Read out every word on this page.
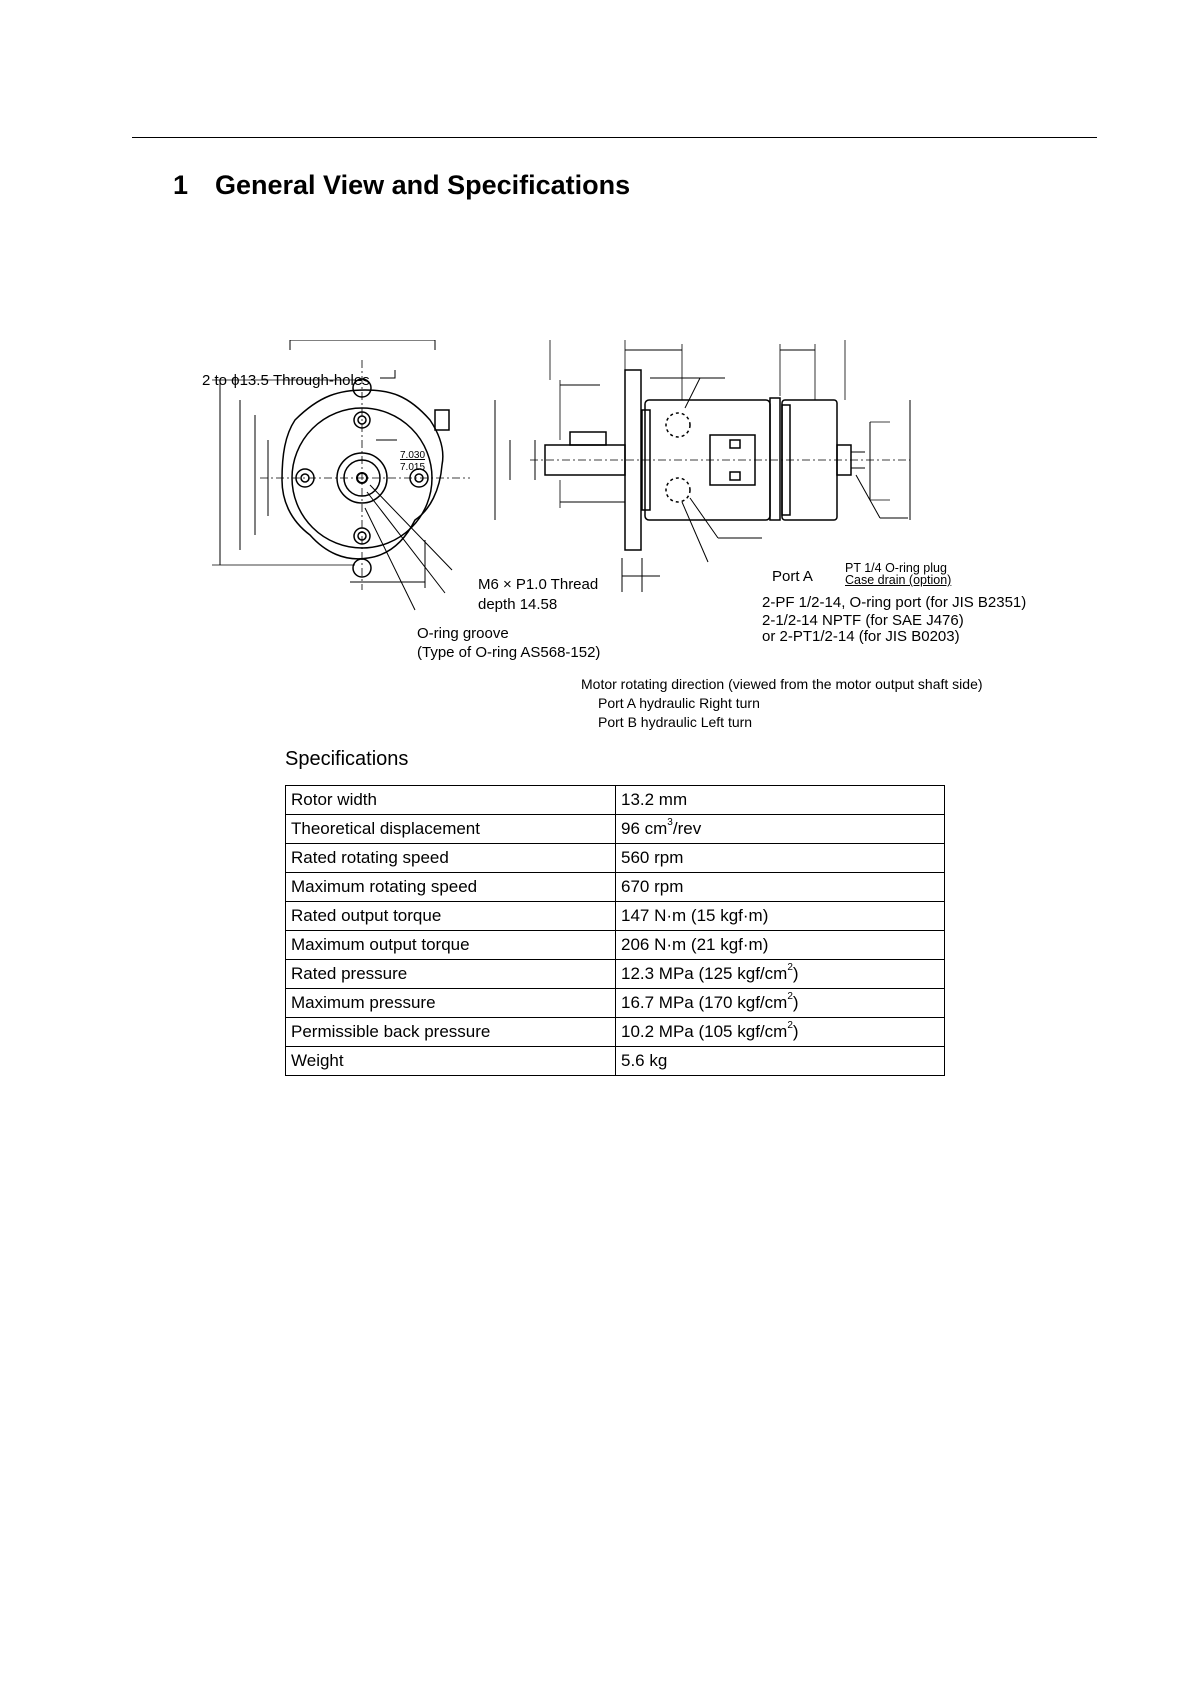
1 General View and Specifications
2 to ϕ13.5 Through-holes
7.030
7.015
M6 × P1.0 Thread
depth 14.58
O-ring groove
(Type of O-ring AS568-152)
Port A	PT 1/4 O-ring plug
Case drain (option)
2-PF 1/2-14, O-ring port (for JIS B2351)
2-1/2-14 NPTF (for SAE J476)
or 2-PT1/2-14 (for JIS B0203)
Motor rotating direction (viewed from the motor output shaft side)
Port A hydraulic Right turn
Port B hydraulic Left turn
Specifications
Rotor width	13.2 mm
Theoretical displacement	96 $cm^3$/rev
Rated rotating speed	560 rpm
Maximum rotating speed	670 rpm
Rated output torque	147 N·m (15 kgf·m)
Maximum output torque	206 N·m (21 kgf·m)
Rated pressure	12.3 MPa (125 kgf/$cm^2$)
Maximum pressure	16.7 MPa (170 kgf/$cm^2$)
Permissible back pressure	10.2 MPa (105 kgf/$cm^2$)
Weight	5.6 kg
